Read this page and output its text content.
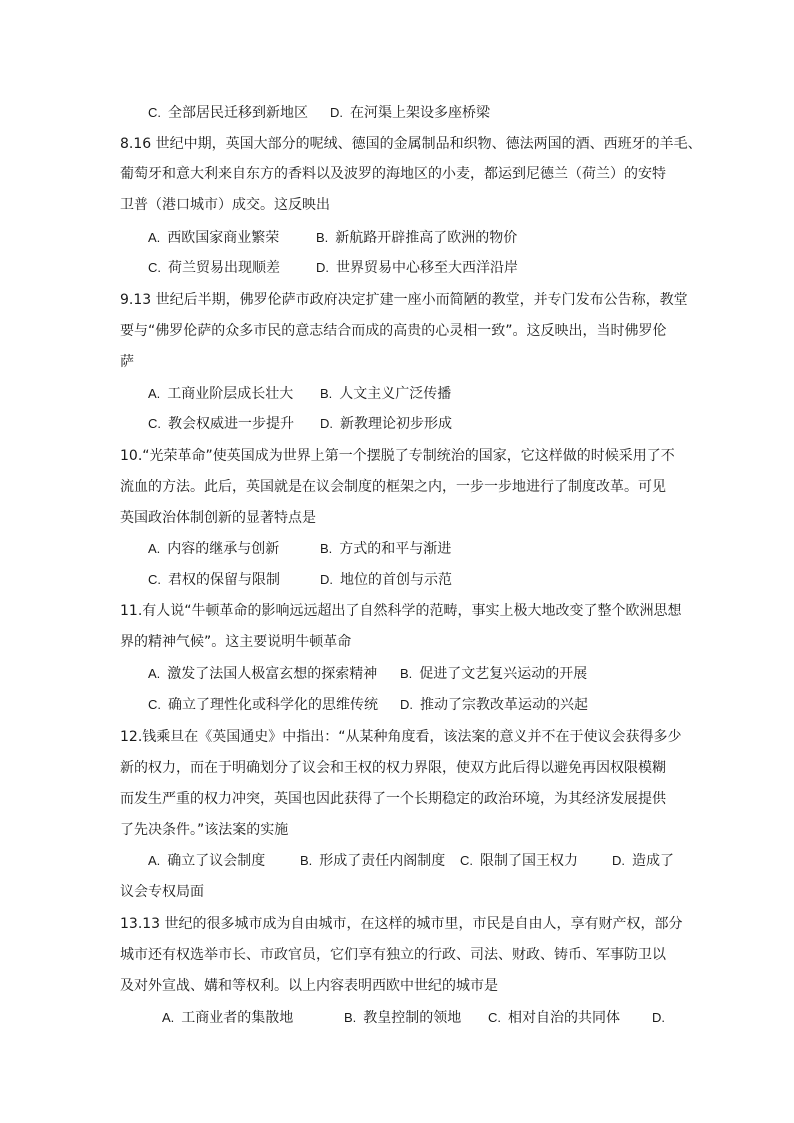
C. 全部居民迁移到新地区 D. 在河渠上架设多座桥梁
8.16 世纪中期，英国大部分的呢绒、德国的金属制品和织物、德法两国的酒、西班牙的羊毛、
葡萄牙和意大利来自东方的香料以及波罗的海地区的小麦，都运到尼德兰（荷兰）的安特
卫普（港口城市）成交。这反映出
A. 西欧国家商业繁荣	B. 新航路开辟推高了欧洲的物价
C. 荷兰贸易出现顺差	D. 世界贸易中心移至大西洋沿岸
9.13 世纪后半期，佛罗伦萨市政府决定扩建一座小而简陋的教堂，并专门发布公告称，教堂
要与“佛罗伦萨的众多市民的意志结合而成的高贵的心灵相一致”。这反映出，当时佛罗伦
萨
A. 工商业阶层成长壮大 B. 人文主义广泛传播
C. 教会权威进一步提升 D. 新教理论初步形成
10.“光荣革命”使英国成为世界上第一个摆脱了专制统治的国家，它这样做的时候采用了不
流血的方法。此后，英国就是在议会制度的框架之内，一步一步地进行了制度改革。可见
英国政治体制创新的显著特点是
A. 内容的继承与创新	B. 方式的和平与渐进
C. 君权的保留与限制	D. 地位的首创与示范
11.有人说“牛顿革命的影响远远超出了自然科学的范畴，事实上极大地改变了整个欧洲思想
界的精神气候”。这主要说明牛顿革命
A. 激发了法国人极富玄想的探索精神 B. 促进了文艺复兴运动的开展
C. 确立了理性化或科学化的思维传统 D. 推动了宗教改革运动的兴起
12.钱乘旦在《英国通史》中指出：“从某种角度看，该法案的意义并不在于使议会获得多少
新的权力，而在于明确划分了议会和王权的权力界限，使双方此后得以避免再因权限模糊
而发生严重的权力冲突，英国也因此获得了一个长期稳定的政治环境，为其经济发展提供
了先决条件。”该法案的实施
A. 确立了议会制度	B. 形成了责任内阁制度 C. 限制了国王权力	D. 造成了
议会专权局面
13.13 世纪的很多城市成为自由城市，在这样的城市里，市民是自由人，享有财产权，部分
城市还有权选举市长、市政官员，它们享有独立的行政、司法、财政、铸币、军事防卫以
及对外宣战、媾和等权利。以上内容表明西欧中世纪的城市是
A. 工商业者的集散地	B. 教皇控制的领地 C. 相对自治的共同体 D.
